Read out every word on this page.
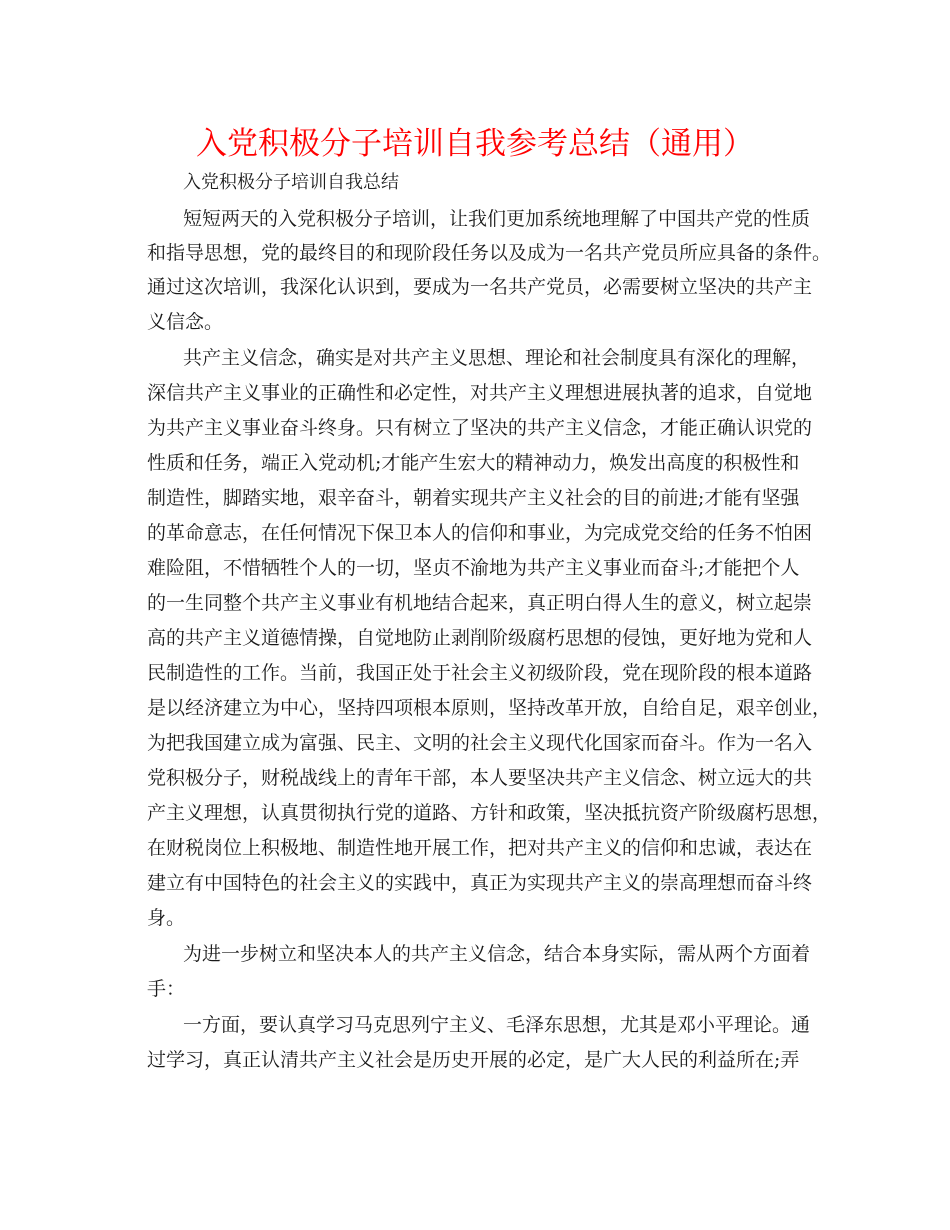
入党积极分子培训自我参考总结（通用）
入党积极分子培训自我总结
短短两天的入党积极分子培训，让我们更加系统地理解了中国共产党的性质
和指导思想，党的最终目的和现阶段任务以及成为一名共产党员所应具备的条件。
通过这次培训，我深化认识到，要成为一名共产党员，必需要树立坚决的共产主
义信念。
共产主义信念，确实是对共产主义思想、理论和社会制度具有深化的理解，
深信共产主义事业的正确性和必定性，对共产主义理想进展执著的追求，自觉地
为共产主义事业奋斗终身。只有树立了坚决的共产主义信念，才能正确认识党的
性质和任务，端正入党动机;才能产生宏大的精神动力，焕发出高度的积极性和
制造性，脚踏实地，艰辛奋斗，朝着实现共产主义社会的目的前进;才能有坚强
的革命意志，在任何情况下保卫本人的信仰和事业，为完成党交给的任务不怕困
难险阻，不惜牺牲个人的一切，坚贞不渝地为共产主义事业而奋斗;才能把个人
的一生同整个共产主义事业有机地结合起来，真正明白得人生的意义，树立起崇
高的共产主义道德情操，自觉地防止剥削阶级腐朽思想的侵蚀，更好地为党和人
民制造性的工作。当前，我国正处于社会主义初级阶段，党在现阶段的根本道路
是以经济建立为中心，坚持四项根本原则，坚持改革开放，自给自足，艰辛创业，
为把我国建立成为富强、民主、文明的社会主义现代化国家而奋斗。作为一名入
党积极分子，财税战线上的青年干部，本人要坚决共产主义信念、树立远大的共
产主义理想，认真贯彻执行党的道路、方针和政策，坚决抵抗资产阶级腐朽思想，
在财税岗位上积极地、制造性地开展工作，把对共产主义的信仰和忠诚，表达在
建立有中国特色的社会主义的实践中，真正为实现共产主义的崇高理想而奋斗终
身。
为进一步树立和坚决本人的共产主义信念，结合本身实际，需从两个方面着
手：
一方面，要认真学习马克思列宁主义、毛泽东思想，尤其是邓小平理论。通
过学习，真正认清共产主义社会是历史开展的必定，是广大人民的利益所在;弄
